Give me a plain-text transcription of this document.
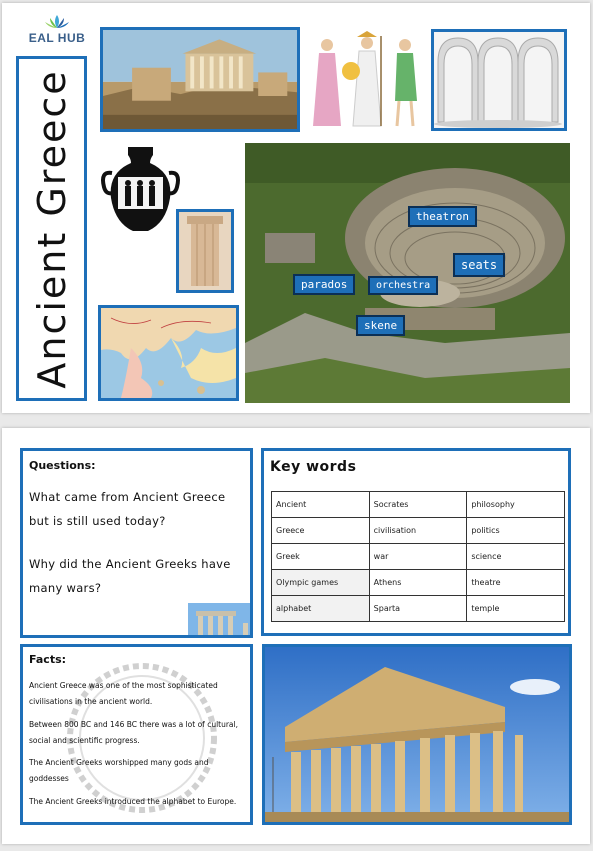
EAL HUB
Ancient Greece	theatron
seats
parados	orchestra
skene
Questions:
What came from Ancient Greece but is still used today?
Why did the Ancient Greeks have many wars?
Key words
Ancient	Socrates	philosophy
Greece	civilisation	politics
Greek	war	science
Olympic games	Athens	theatre
alphabet	Sparta	temple
Facts:
Ancient Greece was one of the most sophisticated civilisations in the ancient world.
Between 800 BC and 146 BC there was a lot of cultural, social and scientific progress.
The Ancient Greeks worshipped many gods and goddesses
The Ancient Greeks introduced the alphabet to Europe.
